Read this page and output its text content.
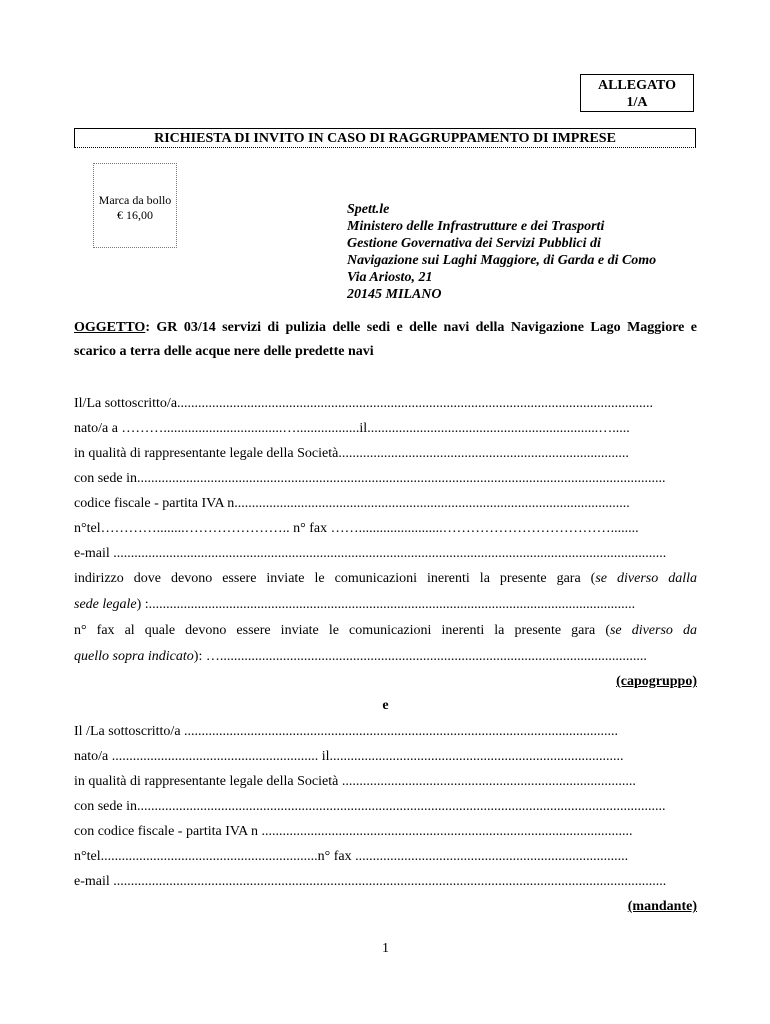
ALLEGATO
1/A
RICHIESTA DI INVITO IN CASO DI RAGGRUPPAMENTO DI IMPRESE
Marca da bollo
€ 16,00	Spett.le
Ministero delle Infrastrutture e dei Trasporti
Gestione Governativa dei Servizi Pubblici di
Navigazione sui Laghi Maggiore, di Garda e di Como
Via Ariosto, 21
20145 MILANO
OGGETTO: GR 03/14 servizi di pulizia delle sedi e delle navi della Navigazione Lago Maggiore e scarico a terra delle acque nere delle predette navi
Il/La sottoscritto/a........................................................................................................................................
nato/a a ………..................................…..................il..................................................................….....
in qualità di rappresentante legale della Società...................................................................................
con sede in.......................................................................................................................................................
codice fiscale - partita IVA n.................................................................................................................
n°tel…………........………………….. n° fax ……........................………………………………........
e-mail ..............................................................................................................................................................
indirizzo dove devono essere inviate le comunicazioni inerenti la presente gara (se diverso dalla
sede legale) :...........................................................................................................................................
n° fax al quale devono essere inviate le comunicazioni inerenti la presente gara (se diverso da
quello sopra indicato): …..........................................................................................................................
(capogruppo)
e
Il /La sottoscritto/a ............................................................................................................................
nato/a ........................................................... il....................................................................................
in qualità di rappresentante legale della Società ....................................................................................
con sede in.......................................................................................................................................................
con codice fiscale - partita IVA n ..........................................................................................................
n°tel..............................................................n° fax ..............................................................................
e-mail ..............................................................................................................................................................
(mandante)
1
